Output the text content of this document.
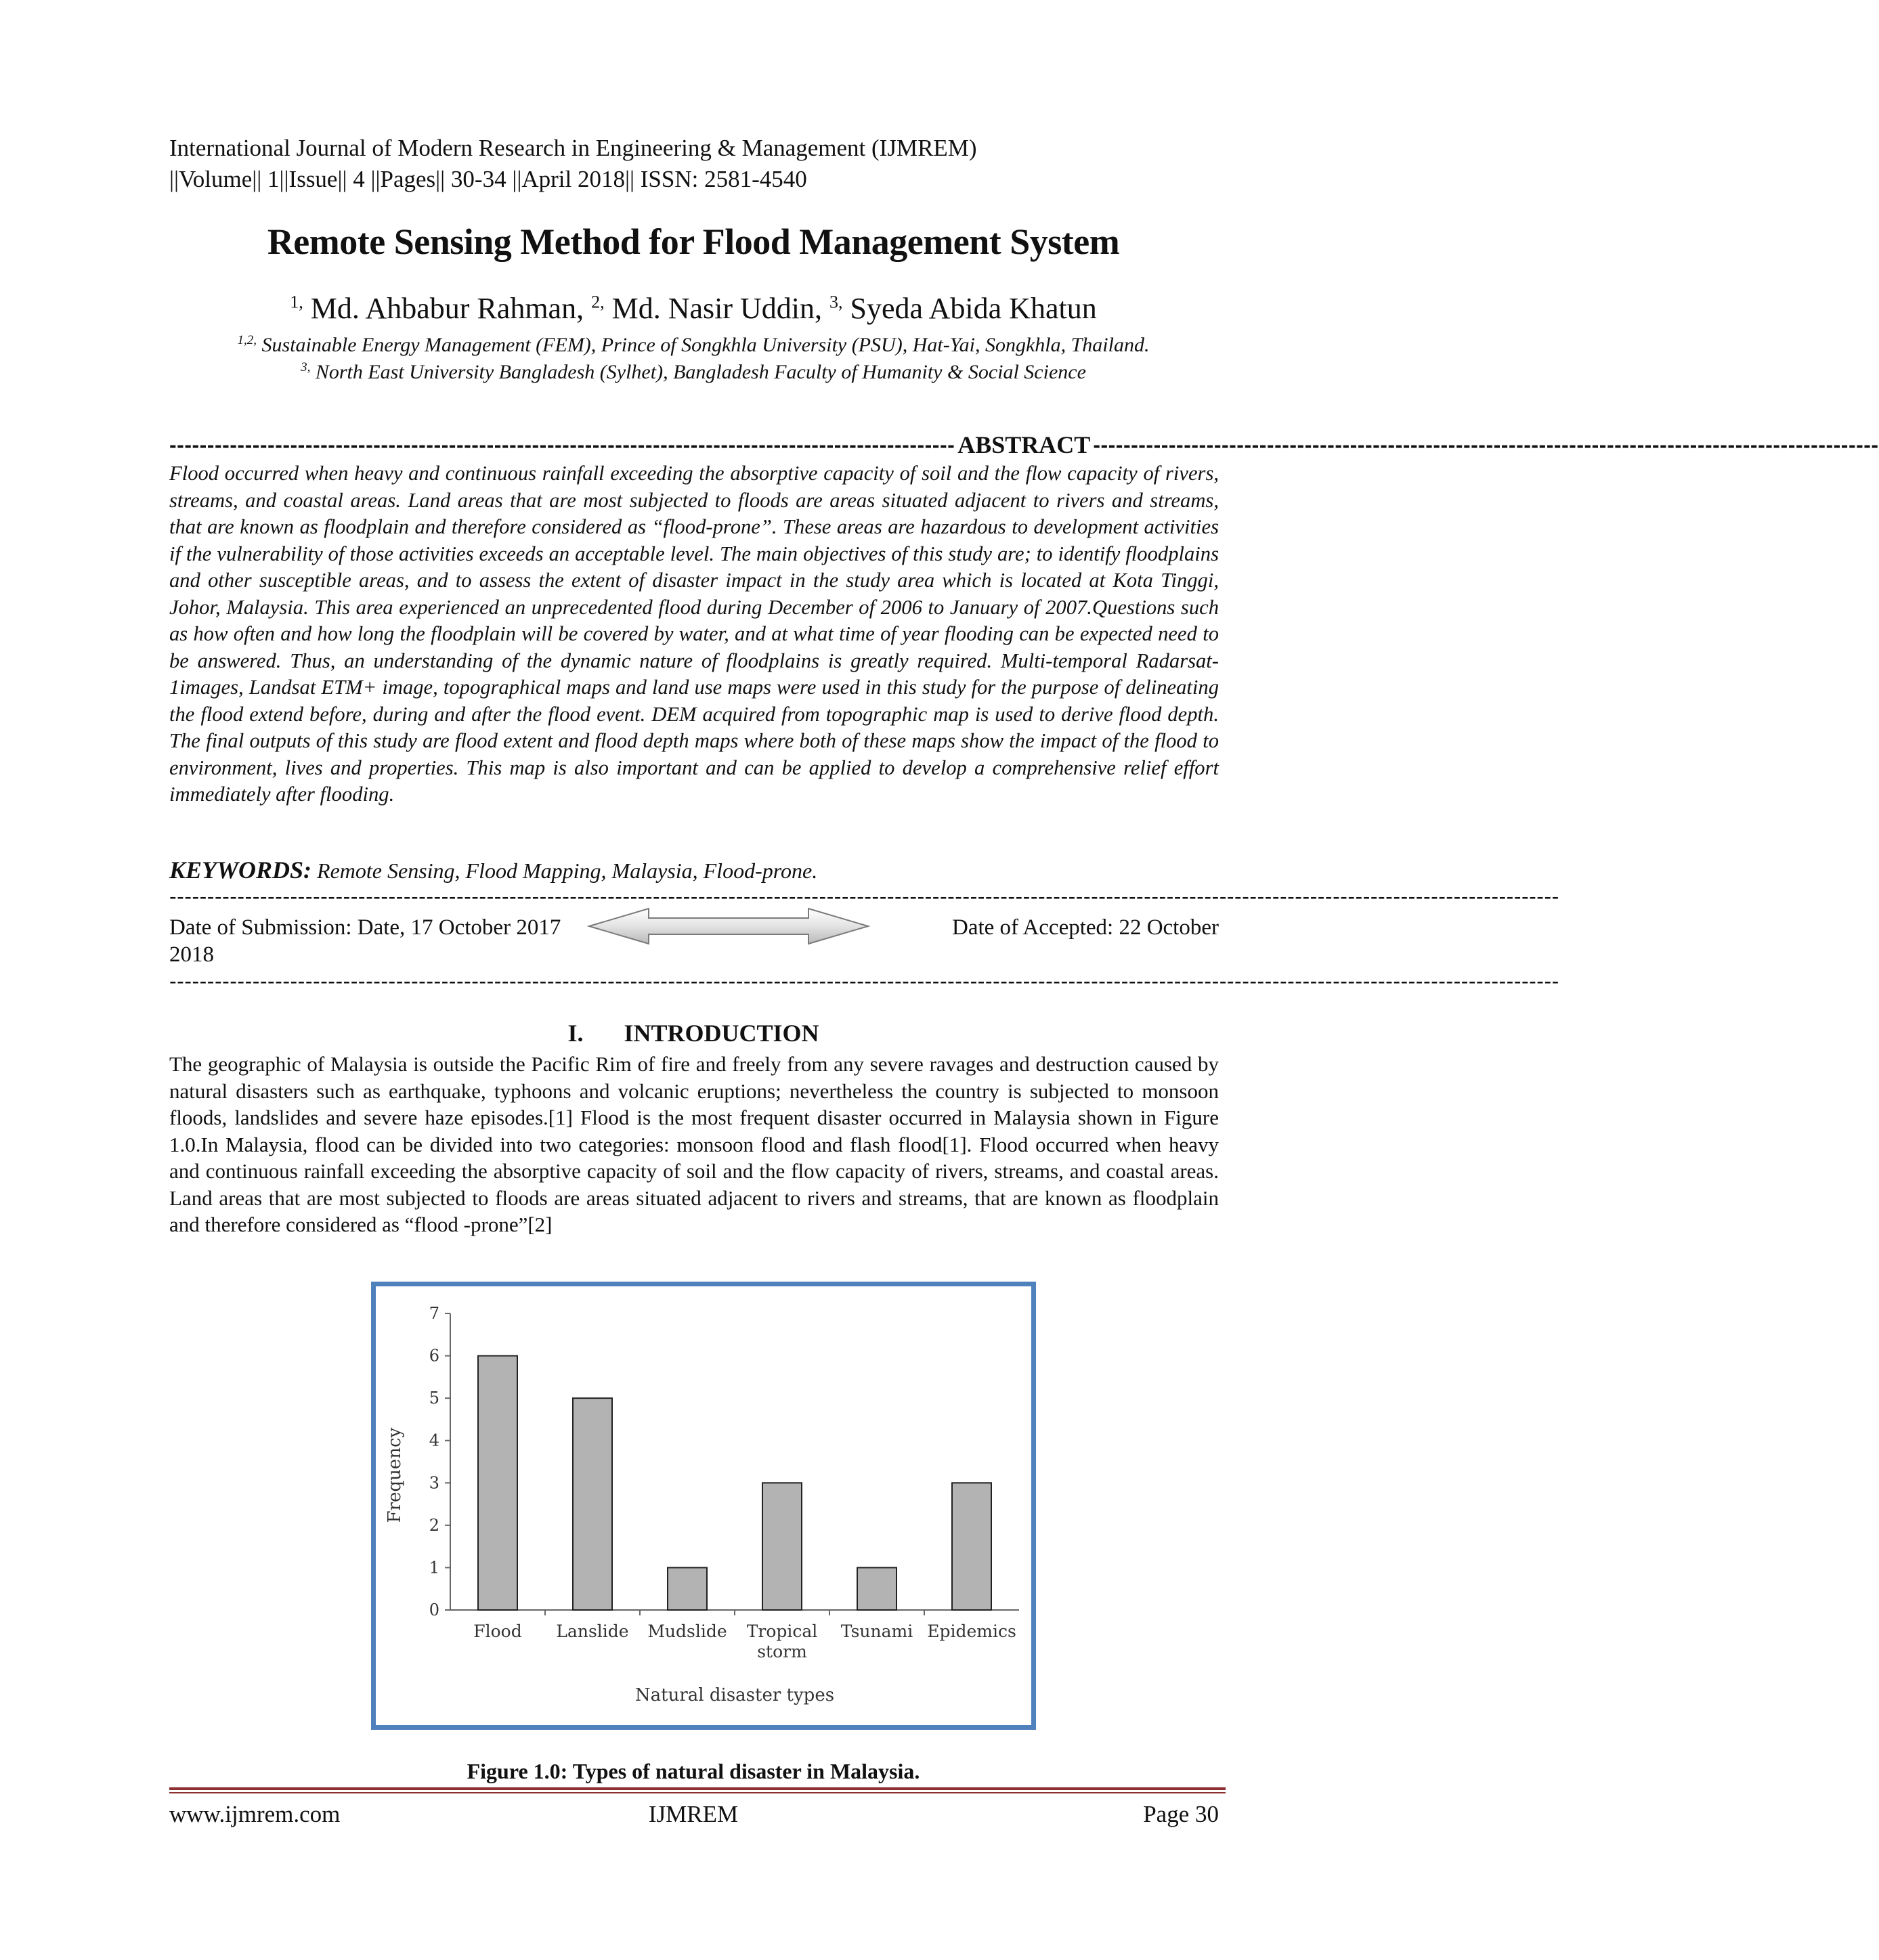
International Journal of Modern Research in Engineering & Management (IJMREM)
||Volume|| 1||Issue|| 4 ||Pages|| 30-34 ||April 2018|| ISSN: 2581-4540
Remote Sensing Method for Flood Management System
$^{1,}$ Md. Ahbabur Rahman, $^{2,}$ Md. Nasir Uddin, $^{3,}$ Syeda Abida Khatun
$^{1,2,}$ Sustainable Energy Management (FEM), Prince of Songkhla University (PSU), Hat-Yai, Songkhla, Thailand.
$^{3,}$ North East University Bangladesh (Sylhet), Bangladesh Faculty of Humanity & Social Science
-------------------------------------------------------------------------------------------------------- ABSTRACT --------------------------------------------------------------------------------------------------------
Flood occurred when heavy and continuous rainfall exceeding the absorptive capacity of soil and the flow capacity of rivers, streams, and coastal areas. Land areas that are most subjected to floods are areas situated adjacent to rivers and streams, that are known as floodplain and therefore considered as “flood-prone”. These areas are hazardous to development activities if the vulnerability of those activities exceeds an acceptable level. The main objectives of this study are; to identify floodplains and other susceptible areas, and to assess the extent of disaster impact in the study area which is located at Kota Tinggi, Johor, Malaysia. This area experienced an unprecedented flood during December of 2006 to January of 2007.Questions such as how often and how long the floodplain will be covered by water, and at what time of year flooding can be expected need to be answered. Thus, an understanding of the dynamic nature of floodplains is greatly required. Multi-temporal Radarsat-1images, Landsat ETM+ image, topographical maps and land use maps were used in this study for the purpose of delineating the flood extend before, during and after the flood event. DEM acquired from topographic map is used to derive flood depth. The final outputs of this study are flood extent and flood depth maps where both of these maps show the impact of the flood to environment, lives and properties. This map is also important and can be applied to develop a comprehensive relief effort immediately after flooding.
KEYWORDS: Remote Sensing, Flood Mapping, Malaysia, Flood-prone.
----------------------------------------------------------------------------------------------------------------------------------------------------------------------------------------
Date of Submission: Date, 17 October 2017	Date of Accepted: 22 October
2018
----------------------------------------------------------------------------------------------------------------------------------------------------------------------------------------
I. INTRODUCTION
The geographic of Malaysia is outside the Pacific Rim of fire and freely from any severe ravages and destruction caused by natural disasters such as earthquake, typhoons and volcanic eruptions; nevertheless the country is subjected to monsoon floods, landslides and severe haze episodes.[1] Flood is the most frequent disaster occurred in Malaysia shown in Figure 1.0.In Malaysia, flood can be divided into two categories: monsoon flood and flash flood[1]. Flood occurred when heavy and continuous rainfall exceeding the absorptive capacity of soil and the flow capacity of rivers, streams, and coastal areas. Land areas that are most subjected to floods are areas situated adjacent to rivers and streams, that are known as floodplain and therefore considered as “flood -prone”[2]
0
1
2
3
4
5
6
7
Flood Lanslide Mudslide Tropical
storm
Tsunami Epidemics
Natural disaster types
Frequency
Figure 1.0: Types of natural disaster in Malaysia.
www.ijmrem.com	IJMREM	Page 30
